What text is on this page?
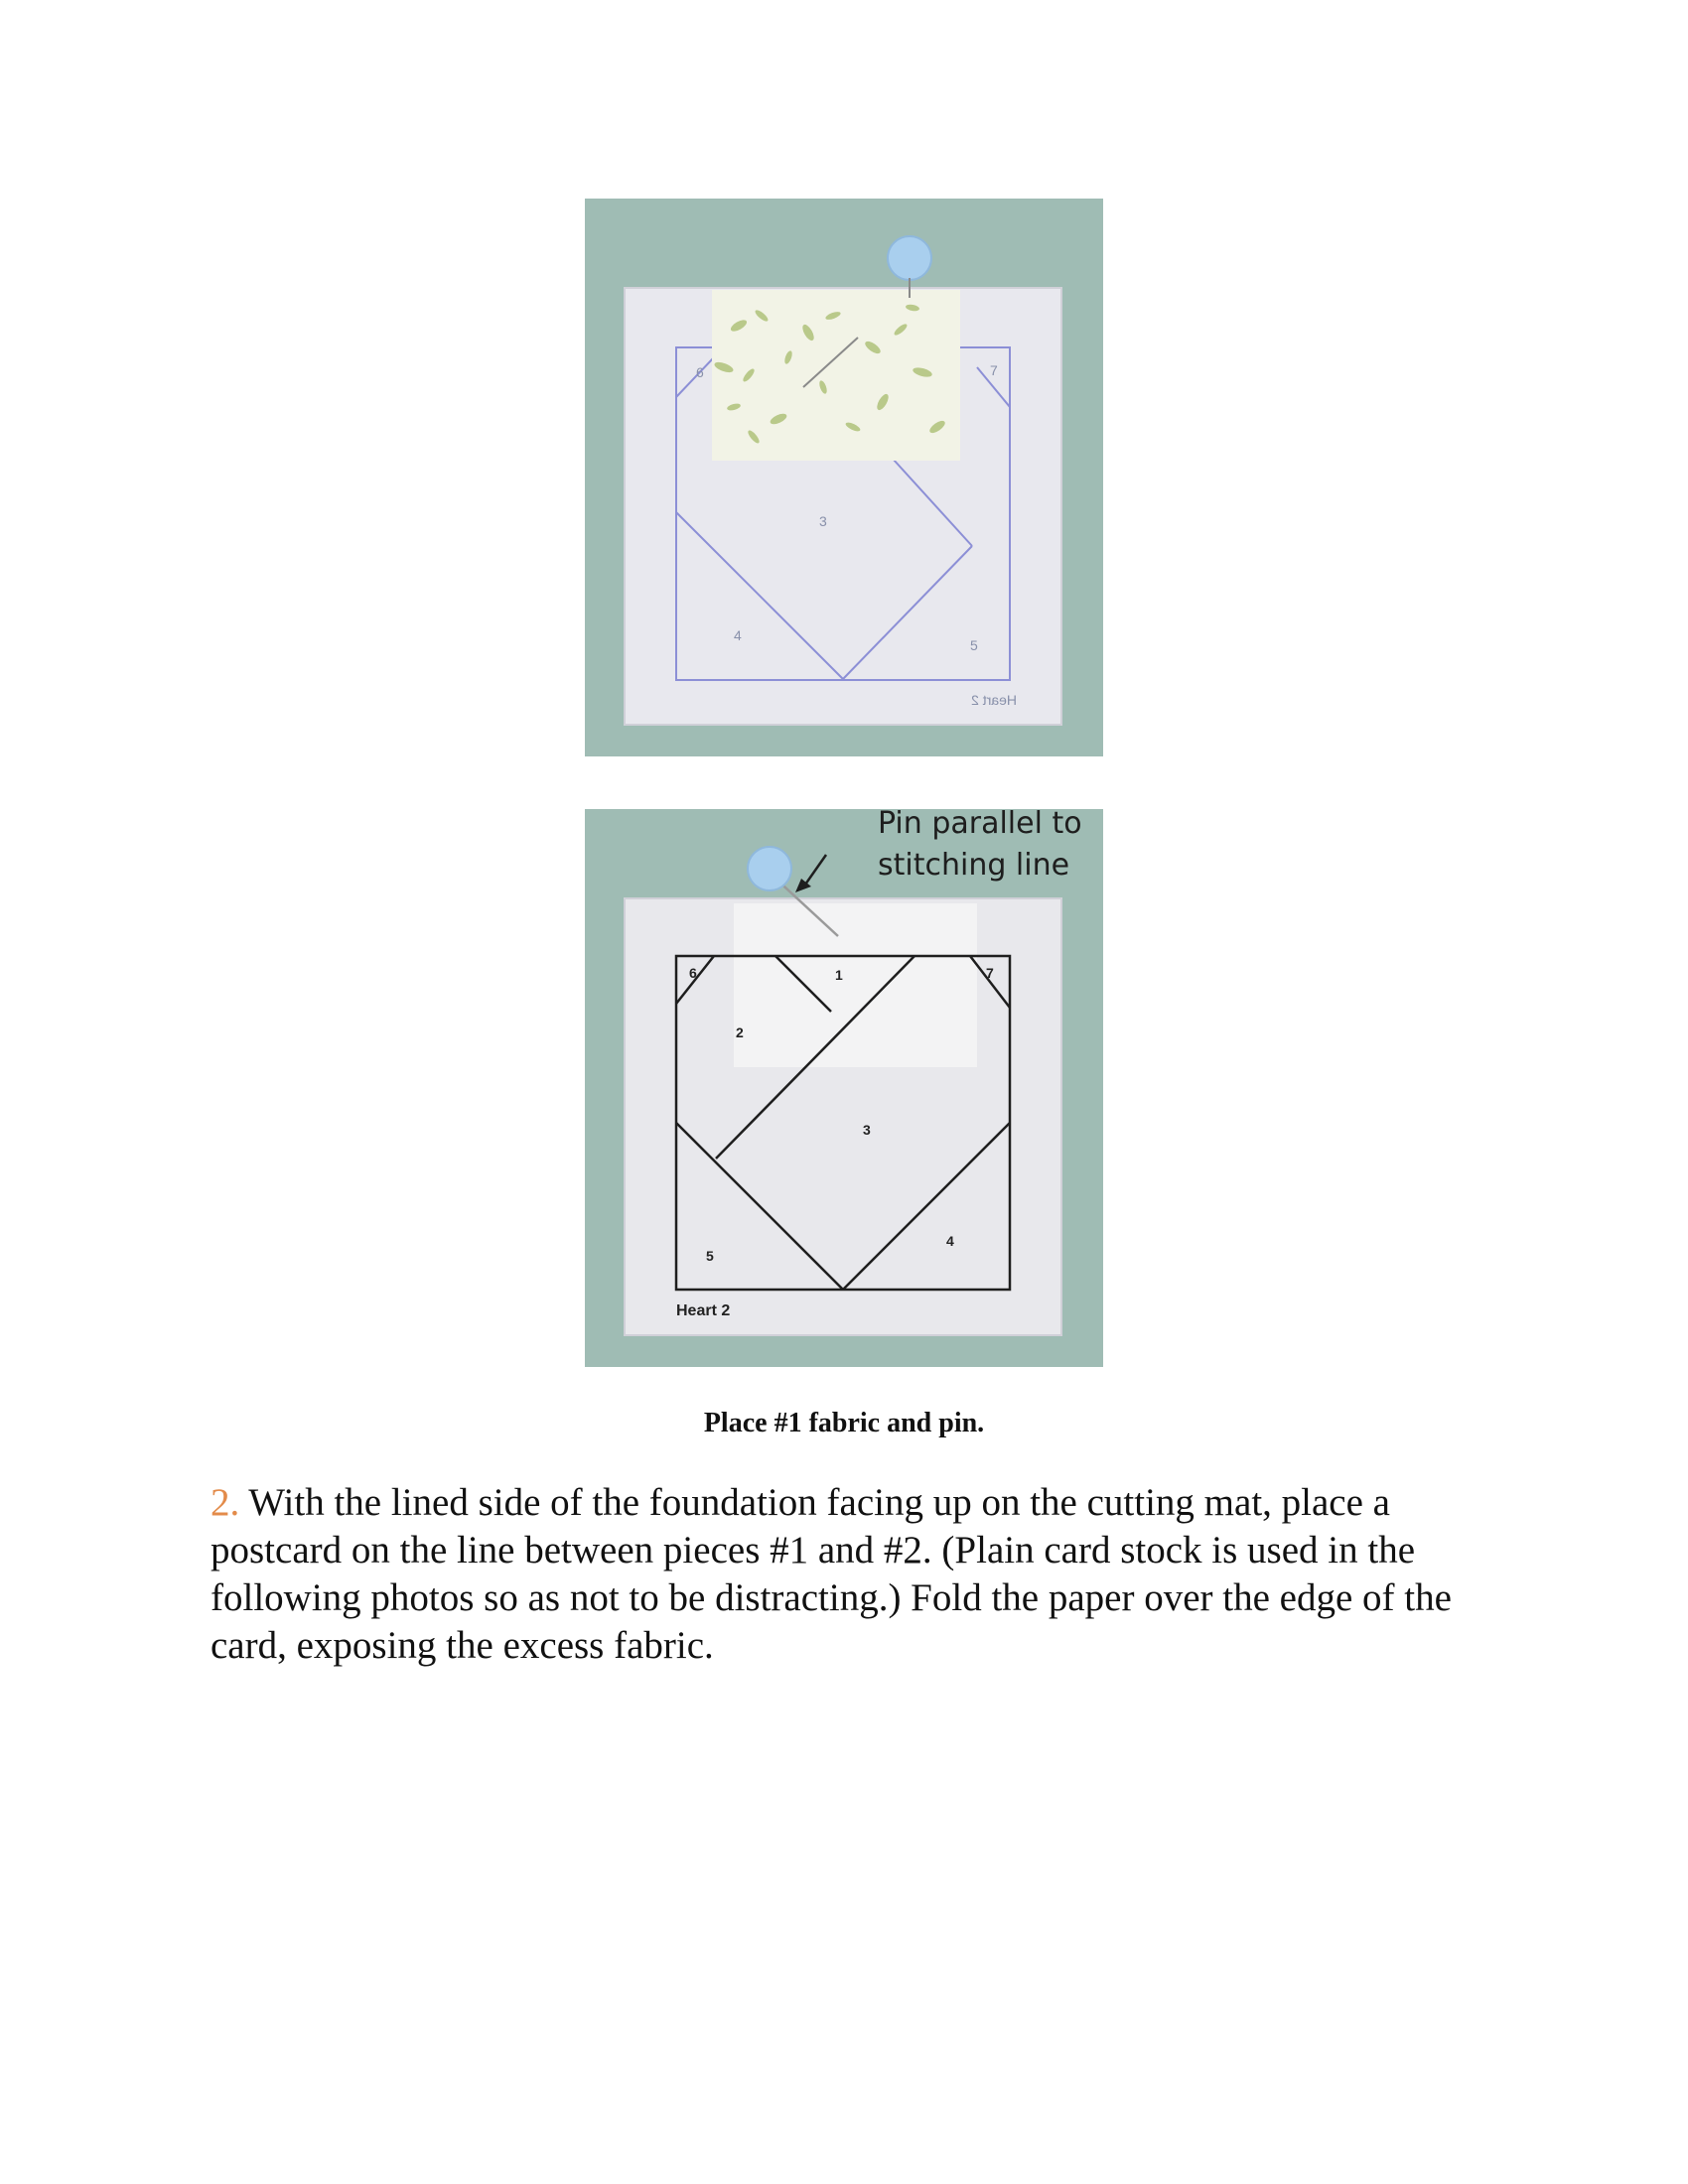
6	7
3
4
5
Heart 2
6	1	7
2
3
4
5
Heart 2
Pin parallel to
stitching line
Place #1 fabric and pin.

2. With the lined side of the foundation facing up on the cutting mat, place a postcard on the line between pieces #1 and #2. (Plain card stock is used in the following photos so as not to be distracting.) Fold the paper over the edge of the card, exposing the excess fabric.
